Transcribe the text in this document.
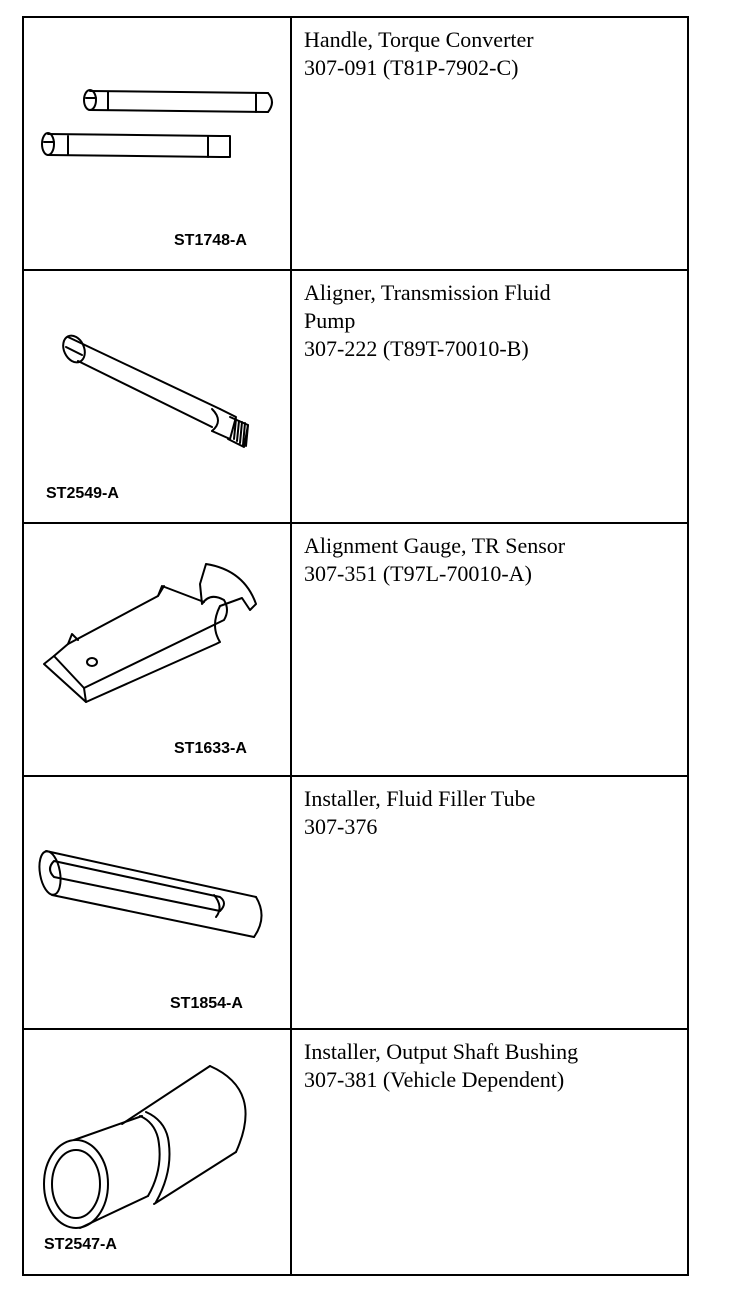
ST1748-A
Handle, Torque Converter
307-091 (T81P-7902-C)
ST2549-A
Aligner, Transmission Fluid
Pump
307-222 (T89T-70010-B)
ST1633-A
Alignment Gauge, TR Sensor
307-351 (T97L-70010-A)
ST1854-A
Installer, Fluid Filler Tube
307-376
ST2547-A
Installer, Output Shaft Bushing
307-381 (Vehicle Dependent)
